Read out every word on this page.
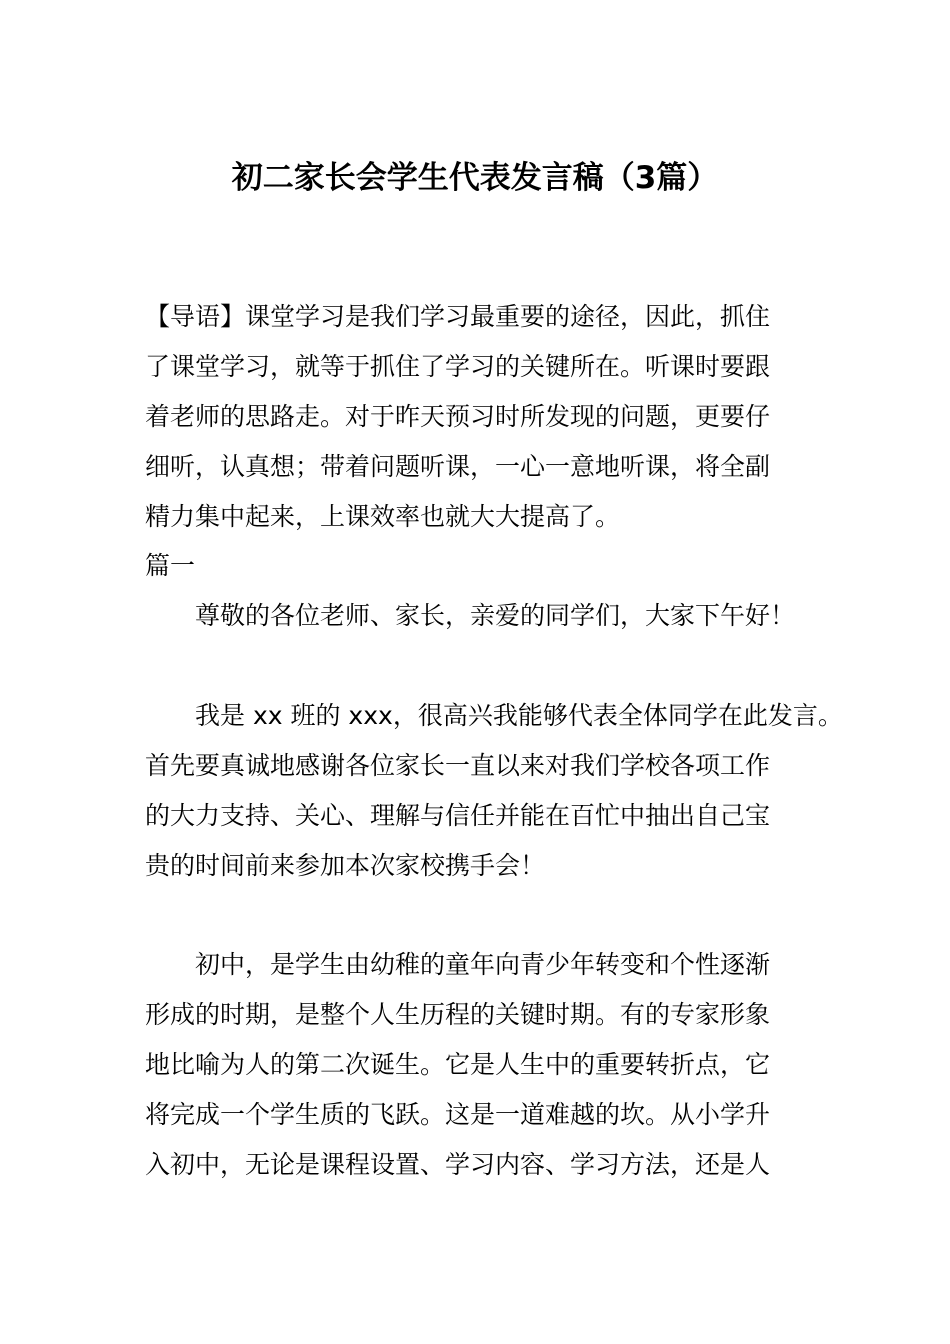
初二家长会学生代表发言稿（3篇）
【导语】课堂学习是我们学习最重要的途径，因此，抓住
了课堂学习，就等于抓住了学习的关键所在。听课时要跟
着老师的思路走。对于昨天预习时所发现的问题，更要仔
细听，认真想；带着问题听课，一心一意地听课，将全副
精力集中起来，上课效率也就大大提高了。
篇一
尊敬的各位老师、家长，亲爱的同学们，大家下午好！
我是 xx 班的 xxx，很高兴我能够代表全体同学在此发言。
首先要真诚地感谢各位家长一直以来对我们学校各项工作
的大力支持、关心、理解与信任并能在百忙中抽出自己宝
贵的时间前来参加本次家校携手会！
初中，是学生由幼稚的童年向青少年转变和个性逐渐
形成的时期，是整个人生历程的关键时期。有的专家形象
地比喻为人的第二次诞生。它是人生中的重要转折点，它
将完成一个学生质的飞跃。这是一道难越的坎。从小学升
入初中，无论是课程设置、学习内容、学习方法，还是人
